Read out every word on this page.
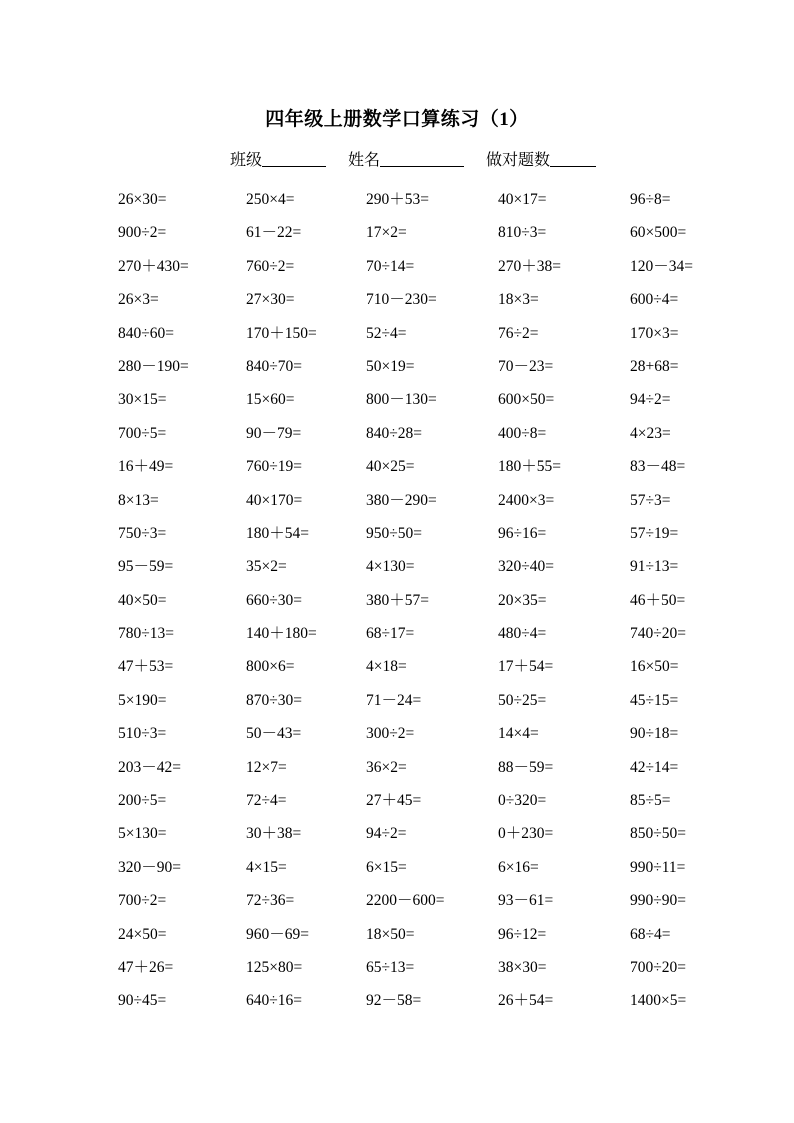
四年级上册数学口算练习（1）
班级	姓名	做对题数
26×30=	250×4=	290＋53=	40×17=	96÷8=
900÷2=	61－22=	17×2=	810÷3=	60×500=
270＋430=	760÷2=	70÷14=	270＋38=	120－34=
26×3=	27×30=	710－230=	18×3=	600÷4=
840÷60=	170＋150=	52÷4=	76÷2=	170×3=
280－190=	840÷70=	50×19=	70－23=	28+68=
30×15=	15×60=	800－130=	600×50=	94÷2=
700÷5=	90－79=	840÷28=	400÷8=	4×23=
16＋49=	760÷19=	40×25=	180＋55=	83－48=
8×13=	40×170=	380－290=	2400×3=	57÷3=
750÷3=	180＋54=	950÷50=	96÷16=	57÷19=
95－59=	35×2=	4×130=	320÷40=	91÷13=
40×50=	660÷30=	380＋57=	20×35=	46＋50=
780÷13=	140＋180=	68÷17=	480÷4=	740÷20=
47＋53=	800×6=	4×18=	17＋54=	16×50=
5×190=	870÷30=	71－24=	50÷25=	45÷15=
510÷3=	50－43=	300÷2=	14×4=	90÷18=
203－42=	12×7=	36×2=	88－59=	42÷14=
200÷5=	72÷4=	27＋45=	0÷320=	85÷5=
5×130=	30＋38=	94÷2=	0＋230=	850÷50=
320－90=	4×15=	6×15=	6×16=	990÷11=
700÷2=	72÷36=	2200－600=	93－61=	990÷90=
24×50=	960－69=	18×50=	96÷12=	68÷4=
47＋26=	125×80=	65÷13=	38×30=	700÷20=
90÷45=	640÷16=	92－58=	26＋54=	1400×5=
